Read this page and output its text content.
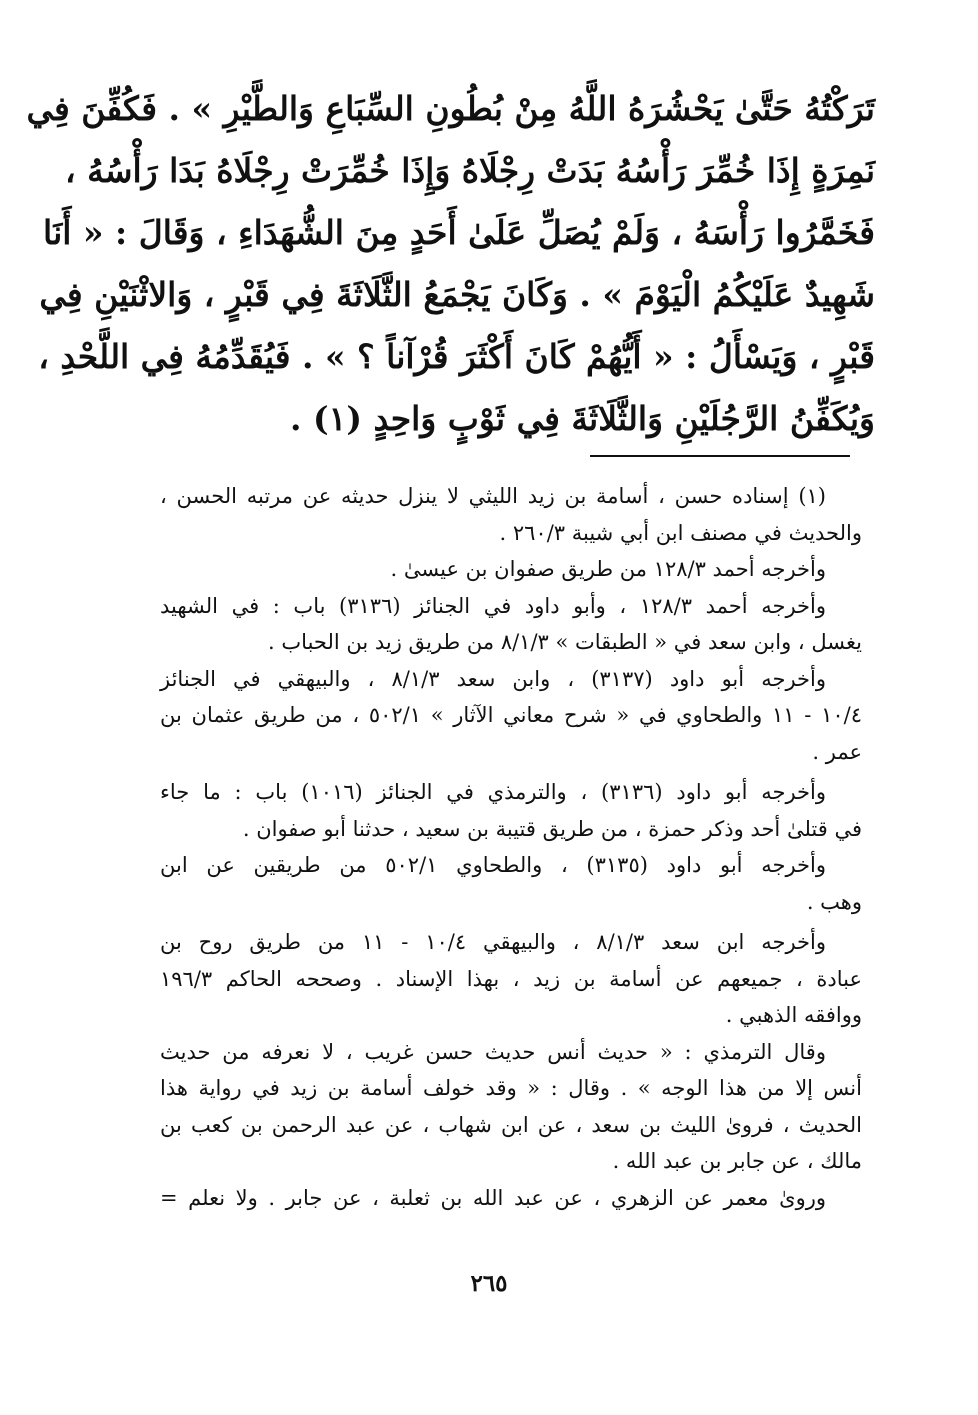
تَرَكْتُهُ حَتَّىٰ يَحْشُرَهُ اللَّهُ مِنْ بُطُونِ السِّبَاعِ وَالطَّيْرِ » . فَكُفِّنَ فِي
نَمِرَةٍ إِذَا خُمِّرَ رَأْسُهُ بَدَتْ رِجْلَاهُ وَإِذَا خُمِّرَتْ رِجْلَاهُ بَدَا رَأْسُهُ ،
فَخَمَّرُوا رَأْسَهُ ، وَلَمْ يُصَلِّ عَلَىٰ أَحَدٍ مِنَ الشُّهَدَاءِ ، وَقَالَ : « أَنَا
شَهِيدٌ عَلَيْكُمُ الْيَوْمَ » . وَكَانَ يَجْمَعُ الثَّلَاثَةَ فِي قَبْرٍ ، وَالاثْنَيْنِ فِي
قَبْرٍ ، وَيَسْأَلُ : « أَيُّهُمْ كَانَ أَكْثَرَ قُرْآناً ؟ » . فَيُقَدِّمُهُ فِي اللَّحْدِ ،
وَيُكَفِّنُ الرَّجُلَيْنِ وَالثَّلَاثَةَ فِي ثَوْبٍ وَاحِدٍ (١) .
(١) إسناده حسن ، أسامة بن زيد الليثي لا ينزل حديثه عن مرتبه الحسن ،
والحديث في مصنف ابن أبي شيبة ٢٦٠/٣ .
وأخرجه أحمد ١٢٨/٣ من طريق صفوان بن عيسىٰ .
وأخرجه أحمد ١٢٨/٣ ، وأبو داود في الجنائز (٣١٣٦) باب : في الشهيد
يغسل ، وابن سعد في « الطبقات » ٨/١/٣ من طريق زيد بن الحباب .
وأخرجه أبو داود (٣١٣٧) ، وابن سعد ٨/١/٣ ، والبيهقي في الجنائز
١٠/٤ - ١١ والطحاوي في « شرح معاني الآثار » ٥٠٢/١ ، من طريق عثمان بن
عمر .
وأخرجه أبو داود (٣١٣٦) ، والترمذي في الجنائز (١٠١٦) باب : ما جاء
في قتلىٰ أحد وذكر حمزة ، من طريق قتيبة بن سعيد ، حدثنا أبو صفوان .
وأخرجه أبو داود (٣١٣٥) ، والطحاوي ٥٠٢/١ من طريقين عن ابن
وهب .
وأخرجه ابن سعد ٨/١/٣ ، والبيهقي ١٠/٤ - ١١ من طريق روح بن
عبادة ، جميعهم عن أسامة بن زيد ، بهذا الإسناد . وصححه الحاكم ١٩٦/٣
ووافقه الذهبي .
وقال الترمذي : « حديث أنس حديث حسن غريب ، لا نعرفه من حديث
أنس إلا من هذا الوجه » . وقال : « وقد خولف أسامة بن زيد في رواية هذا
الحديث ، فروىٰ الليث بن سعد ، عن ابن شهاب ، عن عبد الرحمن بن كعب بن
مالك ، عن جابر بن عبد الله .
ورویٰ معمر عن الزهري ، عن عبد الله بن ثعلبة ، عن جابر . ولا نعلم =
٢٦٥
